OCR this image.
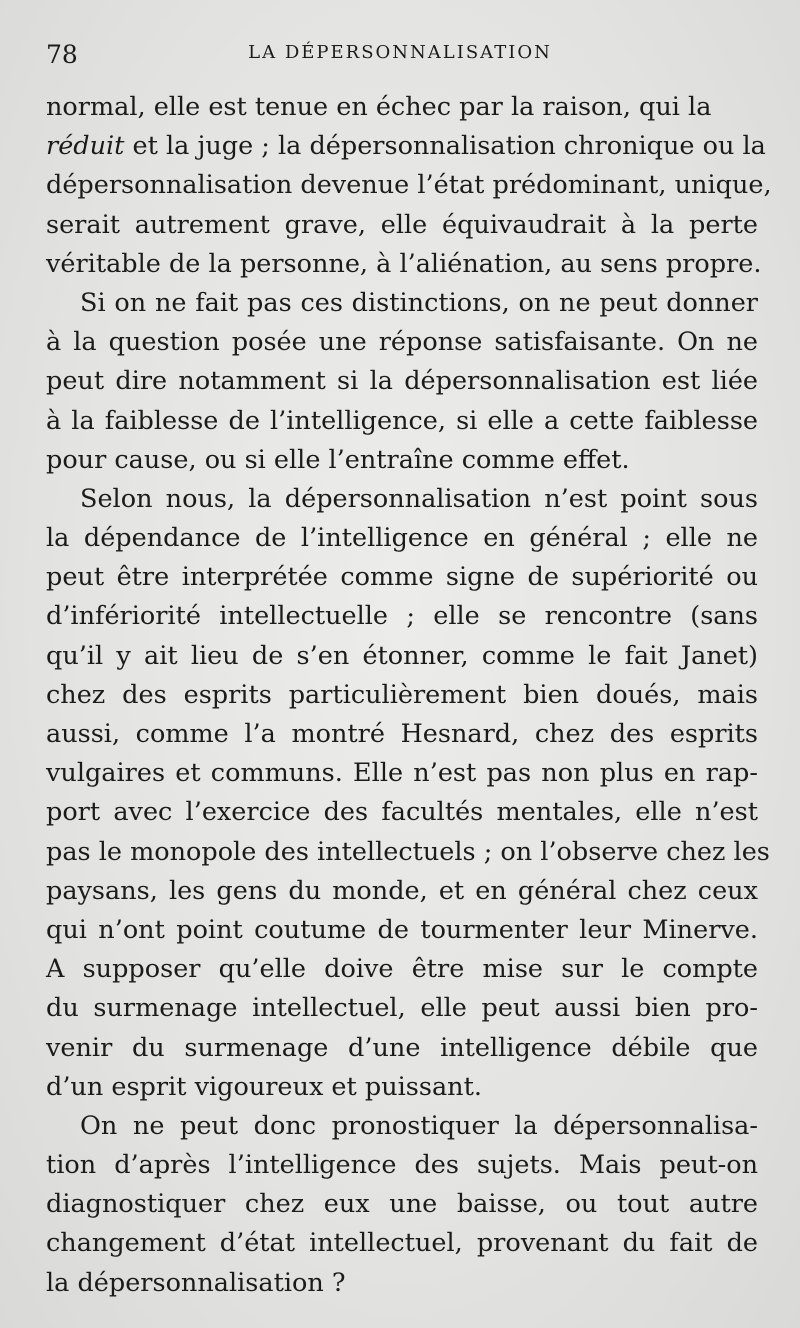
78	LA DÉPERSONNALISATION
normal, elle est tenue en échec par la raison, qui la
réduit et la juge ; la dépersonnalisation chronique ou la
dépersonnalisation devenue l’état prédominant, unique,
serait autrement grave, elle équivaudrait à la perte
véritable de la personne, à l’aliénation, au sens propre.
Si on ne fait pas ces distinctions, on ne peut donner
à la question posée une réponse satisfaisante. On ne
peut dire notamment si la dépersonnalisation est liée
à la faiblesse de l’intelligence, si elle a cette faiblesse
pour cause, ou si elle l’entraîne comme effet.
Selon nous, la dépersonnalisation n’est point sous
la dépendance de l’intelligence en général ; elle ne
peut être interprétée comme signe de supériorité ou
d’infériorité intellectuelle ; elle se rencontre (sans
qu’il y ait lieu de s’en étonner, comme le fait Janet)
chez des esprits particulièrement bien doués, mais
aussi, comme l’a montré Hesnard, chez des esprits
vulgaires et communs. Elle n’est pas non plus en rap-
port avec l’exercice des facultés mentales, elle n’est
pas le monopole des intellectuels ; on l’observe chez les
paysans, les gens du monde, et en général chez ceux
qui n’ont point coutume de tourmenter leur Minerve.
A supposer qu’elle doive être mise sur le compte
du surmenage intellectuel, elle peut aussi bien pro-
venir du surmenage d’une intelligence débile que
d’un esprit vigoureux et puissant.
On ne peut donc pronostiquer la dépersonnalisa-
tion d’après l’intelligence des sujets. Mais peut-on
diagnostiquer chez eux une baisse, ou tout autre
changement d’état intellectuel, provenant du fait de
la dépersonnalisation ?
